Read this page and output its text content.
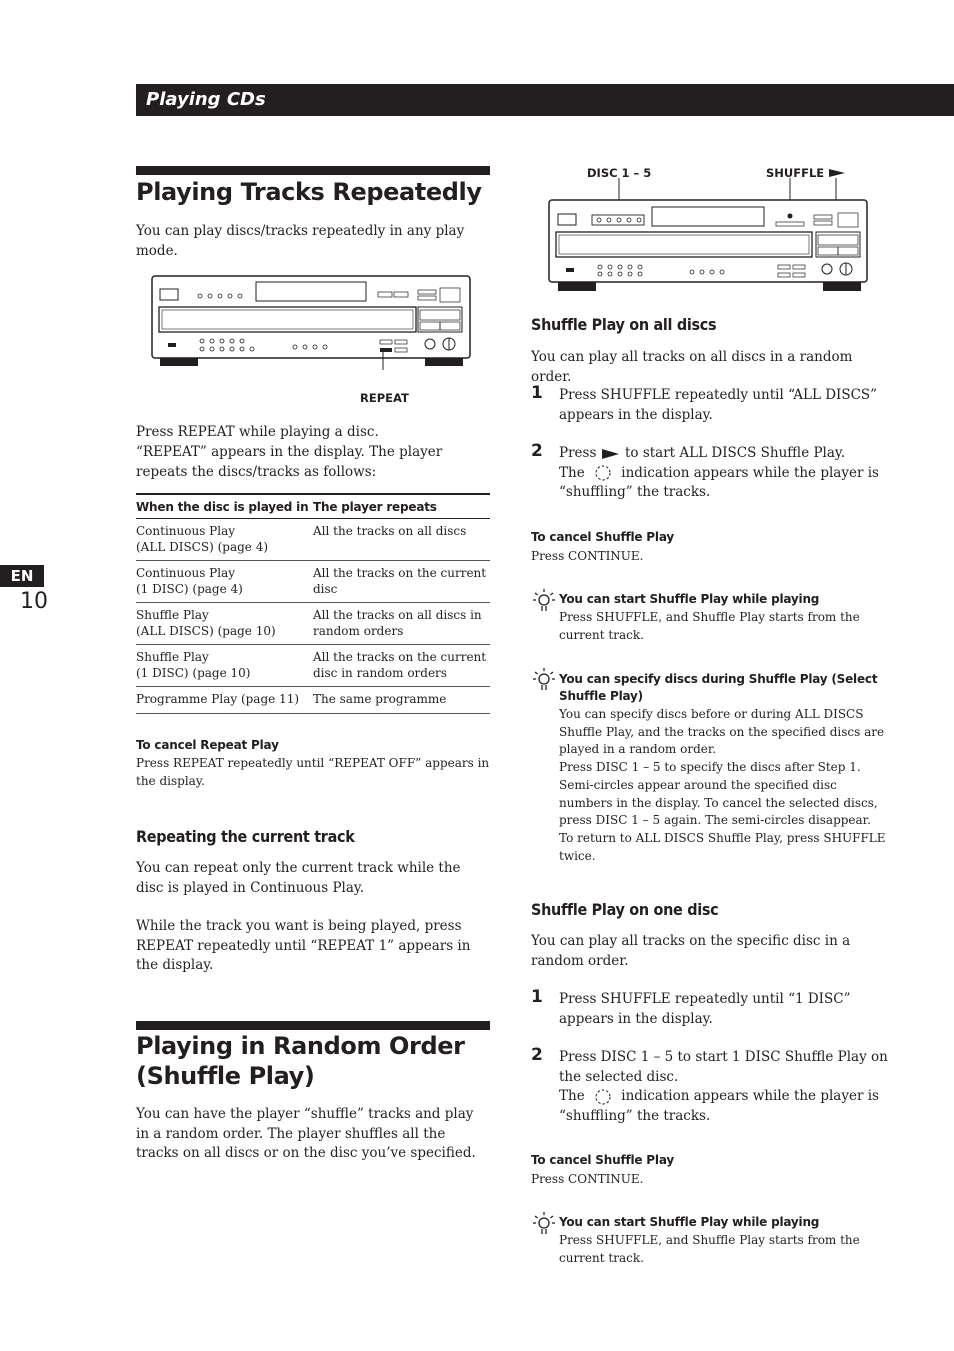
Playing CDs
Playing Tracks Repeatedly
You can play discs/tracks repeatedly in any play mode.
REPEAT
Press REPEAT while playing a disc.
“REPEAT” appears in the display. The player repeats the discs/tracks as follows:
When the disc is played in	The player repeats
Continuous Play
(ALL DISCS) (page 4)	All the tracks on all discs

Continuous Play
(1 DISC) (page 4)	All the tracks on the current
disc
Shuffle Play
(ALL DISCS) (page 10)	All the tracks on all discs in
random orders
Shuffle Play
(1 DISC) (page 10)	All the tracks on the current
disc in random orders
Programme Play (page 11)	The same programme
To cancel Repeat Play
Press REPEAT repeatedly until “REPEAT OFF” appears in the display.
Repeating the current track
You can repeat only the current track while the disc is played in Continuous Play.
While the track you want is being played, press REPEAT repeatedly until “REPEAT 1” appears in the display.
Playing in Random Order
(Shuffle Play)
You can have the player “shuffle” tracks and play in a random order. The player shuffles all the tracks on all discs or on the disc you’ve specified.
EN
10
DISC 1 – 5	SHUFFLE
Shuffle Play on all discs
You can play all tracks on all discs in a random order.
1 Press SHUFFLE repeatedly until “ALL DISCS” appears in the display.
2 Press to start ALL DISCS Shuffle Play.
The	indication appears while the player is
“shuffling” the tracks.
To cancel Shuffle Play
Press CONTINUE.
You can start Shuffle Play while playing
Press SHUFFLE, and Shuffle Play starts from the current track.
You can specify discs during Shuffle Play (Select Shuffle Play)
You can specify discs before or during ALL DISCS Shuffle Play, and the tracks on the specified discs are played in a random order.
Press DISC 1 – 5 to specify the discs after Step 1.
Semi-circles appear around the specified disc numbers in the display. To cancel the selected discs, press DISC 1 – 5 again. The semi-circles disappear.
To return to ALL DISCS Shuffle Play, press SHUFFLE twice.
Shuffle Play on one disc
You can play all tracks on the specific disc in a random order.
1 Press SHUFFLE repeatedly until “1 DISC” appears in the display.
2 Press DISC 1 – 5 to start 1 DISC Shuffle Play on the selected disc.
The	indication appears while the player is
“shuffling” the tracks.
To cancel Shuffle Play
Press CONTINUE.
You can start Shuffle Play while playing
Press SHUFFLE, and Shuffle Play starts from the current track.
